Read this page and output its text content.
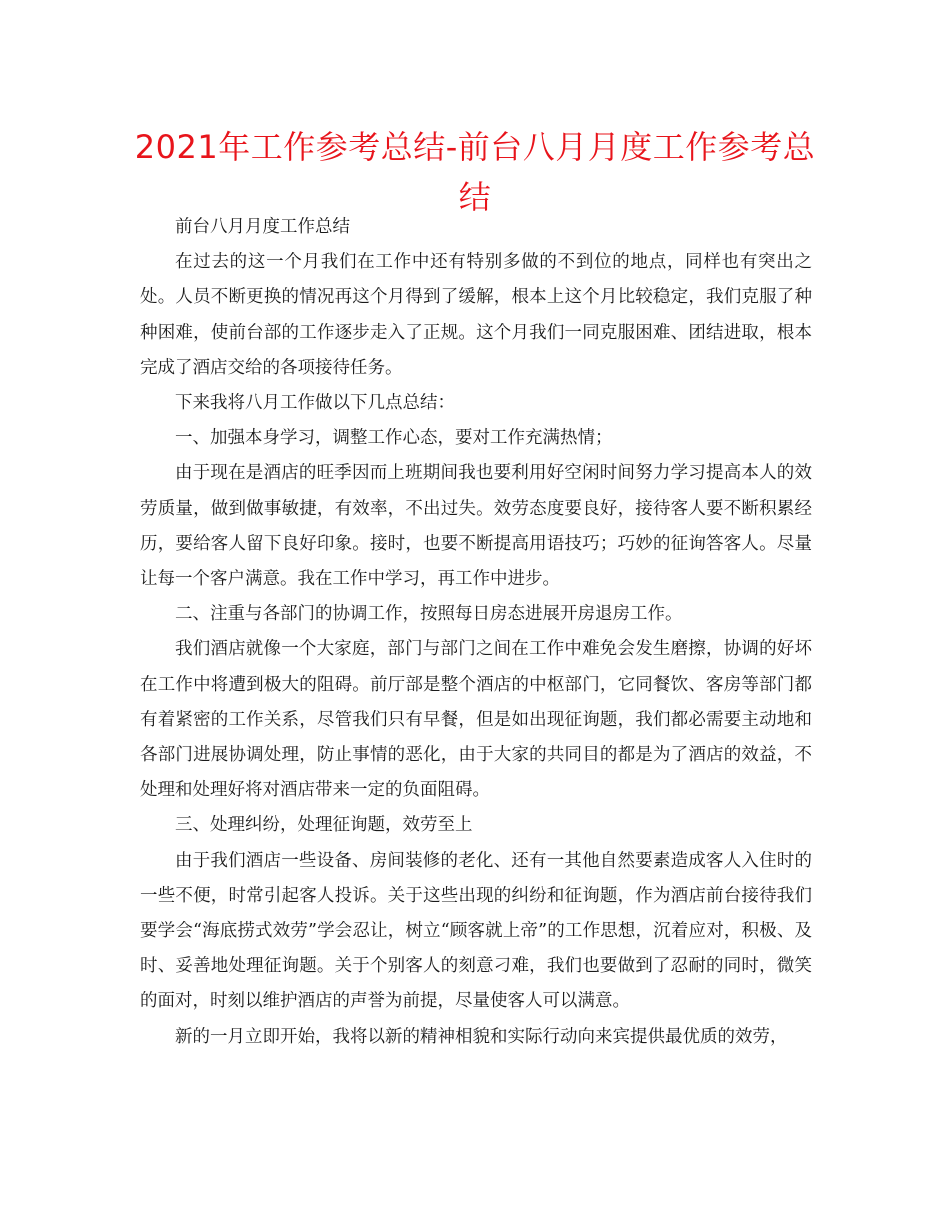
2021年工作参考总结-前台八月月度工作参考总结

前台八月月度工作总结

在过去的这一个月我们在工作中还有特别多做的不到位的地点，同样也有突出之处。人员不断更换的情况再这个月得到了缓解，根本上这个月比较稳定，我们克服了种种困难，使前台部的工作逐步走入了正规。这个月我们一同克服困难、团结进取，根本完成了酒店交给的各项接待任务。

下来我将八月工作做以下几点总结：

一、加强本身学习，调整工作心态，要对工作充满热情；

由于现在是酒店的旺季因而上班期间我也要利用好空闲时间努力学习提高本人的效劳质量，做到做事敏捷，有效率，不出过失。效劳态度要良好，接待客人要不断积累经历，要给客人留下良好印象。接时，也要不断提高用语技巧；巧妙的征询答客人。尽量让每一个客户满意。我在工作中学习，再工作中进步。

二、注重与各部门的协调工作，按照每日房态进展开房退房工作。

我们酒店就像一个大家庭，部门与部门之间在工作中难免会发生磨擦，协调的好坏在工作中将遭到极大的阻碍。前厅部是整个酒店的中枢部门，它同餐饮、客房等部门都有着紧密的工作关系，尽管我们只有早餐，但是如出现征询题，我们都必需要主动地和各部门进展协调处理，防止事情的恶化，由于大家的共同目的都是为了酒店的效益，不处理和处理好将对酒店带来一定的负面阻碍。

三、处理纠纷，处理征询题，效劳至上

由于我们酒店一些设备、房间装修的老化、还有一其他自然要素造成客人入住时的一些不便，时常引起客人投诉。关于这些出现的纠纷和征询题，作为酒店前台接待我们要学会“海底捞式效劳”学会忍让，树立“顾客就上帝”的工作思想，沉着应对，积极、及时、妥善地处理征询题。关于个别客人的刻意刁难，我们也要做到了忍耐的同时，微笑的面对，时刻以维护酒店的声誉为前提，尽量使客人可以满意。

新的一月立即开始，我将以新的精神相貌和实际行动向来宾提供最优质的效劳，
